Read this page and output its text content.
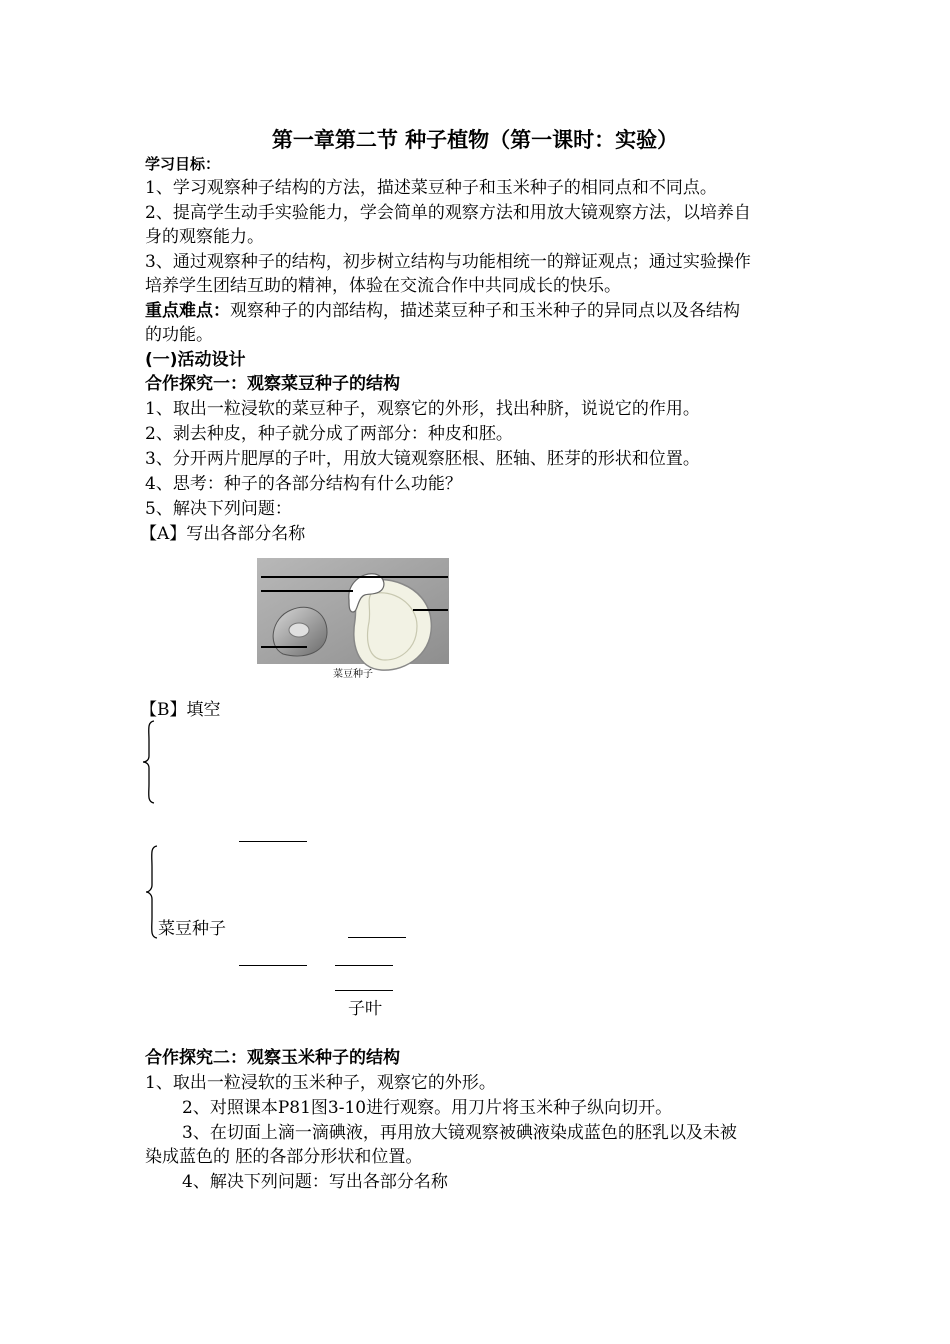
第一章第二节 种子植物（第一课时：实验）
学习目标：
1、学习观察种子结构的方法，描述菜豆种子和玉米种子的相同点和不同点。
2、提高学生动手实验能力，学会简单的观察方法和用放大镜观察方法，以培养自
身的观察能力。
3、通过观察种子的结构，初步树立结构与功能相统一的辩证观点；通过实验操作
培养学生团结互助的精神，体验在交流合作中共同成长的快乐。
重点难点：观察种子的内部结构，描述菜豆种子和玉米种子的异同点以及各结构
的功能。
(一)活动设计
合作探究一：观察菜豆种子的结构
1、取出一粒浸软的菜豆种子，观察它的外形，找出种脐，说说它的作用。
2、剥去种皮，种子就分成了两部分：种皮和胚。
3、分开两片肥厚的子叶，用放大镜观察胚根、胚轴、胚芽的形状和位置。
4、思考：种子的各部分结构有什么功能？
5、解决下列问题：
【A】写出各部分名称
菜豆种子
【B】填空
菜豆种子
子叶
合作探究二：观察玉米种子的结构
1、取出一粒浸软的玉米种子，观察它的外形。
2、对照课本P81图3-10进行观察。用刀片将玉米种子纵向切开。
3、在切面上滴一滴碘液，再用放大镜观察被碘液染成蓝色的胚乳以及未被
染成蓝色的 胚的各部分形状和位置。
4、解决下列问题：写出各部分名称
